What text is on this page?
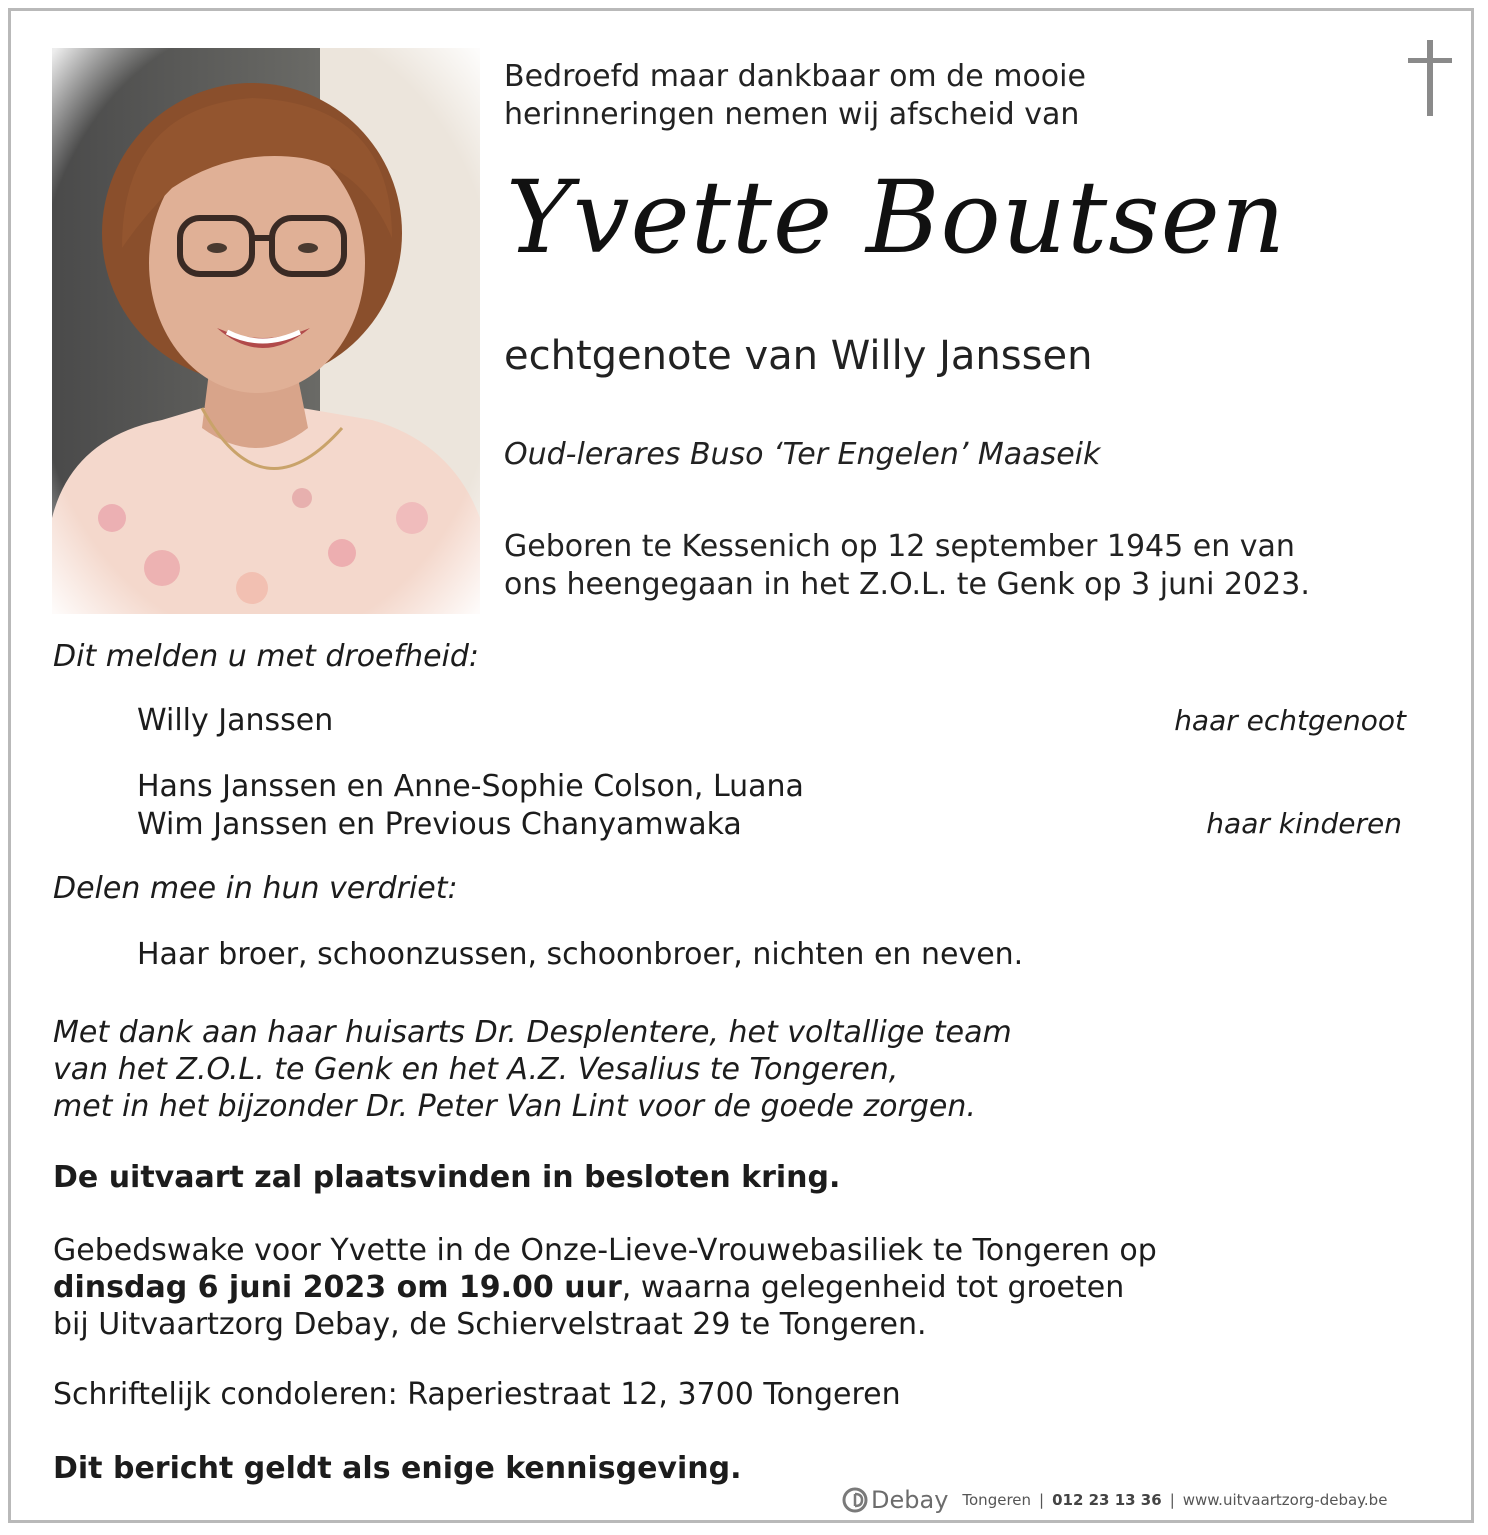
Bedroefd maar dankbaar om de mooie
herinneringen nemen wij afscheid van
Yvette Boutsen
echtgenote van Willy Janssen
Oud-lerares Buso ‘Ter Engelen’ Maaseik
Geboren te Kessenich op 12 september 1945 en van
ons heengegaan in het Z.O.L. te Genk op 3 juni 2023.
Dit melden u met droefheid:
Willy Janssen	haar echtgenoot
Hans Janssen en Anne-Sophie Colson, Luana
Wim Janssen en Previous Chanyamwaka	haar kinderen
Delen mee in hun verdriet:
Haar broer, schoonzussen, schoonbroer, nichten en neven.
Met dank aan haar huisarts Dr. Desplentere, het voltallige team
van het Z.O.L. te Genk en het A.Z. Vesalius te Tongeren,
met in het bijzonder Dr. Peter Van Lint voor de goede zorgen.
De uitvaart zal plaatsvinden in besloten kring.
Gebedswake voor Yvette in de Onze-Lieve-Vrouwebasiliek te Tongeren op
dinsdag 6 juni 2023 om 19.00 uur, waarna gelegenheid tot groeten
bij Uitvaartzorg Debay, de Schiervelstraat 29 te Tongeren.
Schriftelijk condoleren: Raperiestraat 12, 3700 Tongeren
Dit bericht geldt als enige kennisgeving.
Debay Tongeren | 012 23 13 36 | www.uitvaartzorg-debay.be
